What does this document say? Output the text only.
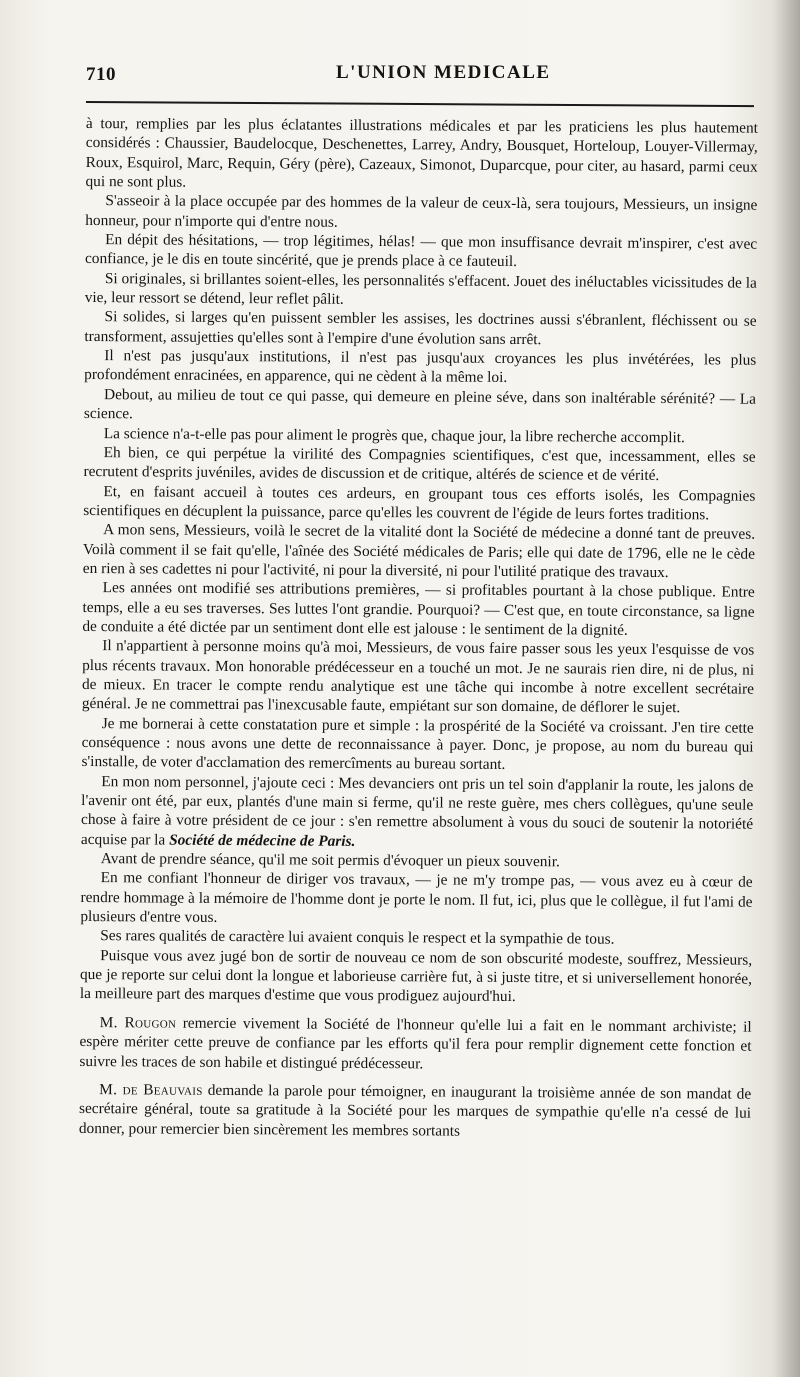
710	L'UNION MEDICALE

à tour, remplies par les plus éclatantes illustrations médicales et par les praticiens les plus hautement considérés : Chaussier, Baudelocque, Deschenettes, Larrey, Andry, Bousquet, Horteloup, Louyer-Villermay, Roux, Esquirol, Marc, Requin, Géry (père), Cazeaux, Simonot, Duparcque, pour citer, au hasard, parmi ceux qui ne sont plus.

S'asseoir à la place occupée par des hommes de la valeur de ceux-là, sera toujours, Messieurs, un insigne honneur, pour n'importe qui d'entre nous.

En dépit des hésitations, — trop légitimes, hélas! — que mon insuffisance devrait m'inspirer, c'est avec confiance, je le dis en toute sincérité, que je prends place à ce fauteuil.

Si originales, si brillantes soient-elles, les personnalités s'effacent. Jouet des inéluctables vicissitudes de la vie, leur ressort se détend, leur reflet pâlit.

Si solides, si larges qu'en puissent sembler les assises, les doctrines aussi s'ébranlent, fléchissent ou se transforment, assujetties qu'elles sont à l'empire d'une évolution sans arrêt.

Il n'est pas jusqu'aux institutions, il n'est pas jusqu'aux croyances les plus invétérées, les plus profondément enracinées, en apparence, qui ne cèdent à la même loi.

Debout, au milieu de tout ce qui passe, qui demeure en pleine séve, dans son inaltérable sérénité? — La science.

La science n'a-t-elle pas pour aliment le progrès que, chaque jour, la libre recherche accomplit.

Eh bien, ce qui perpétue la virilité des Compagnies scientifiques, c'est que, incessamment, elles se recrutent d'esprits juvéniles, avides de discussion et de critique, altérés de science et de vérité.

Et, en faisant accueil à toutes ces ardeurs, en groupant tous ces efforts isolés, les Compagnies scientifiques en décuplent la puissance, parce qu'elles les couvrent de l'égide de leurs fortes traditions.

A mon sens, Messieurs, voilà le secret de la vitalité dont la Société de médecine a donné tant de preuves. Voilà comment il se fait qu'elle, l'aînée des Société médicales de Paris; elle qui date de 1796, elle ne le cède en rien à ses cadettes ni pour l'activité, ni pour la diversité, ni pour l'utilité pratique des travaux.

Les années ont modifié ses attributions premières, — si profitables pourtant à la chose publique. Entre temps, elle a eu ses traverses. Ses luttes l'ont grandie. Pourquoi? — C'est que, en toute circonstance, sa ligne de conduite a été dictée par un sentiment dont elle est jalouse : le sentiment de la dignité.

Il n'appartient à personne moins qu'à moi, Messieurs, de vous faire passer sous les yeux l'esquisse de vos plus récents travaux. Mon honorable prédécesseur en a touché un mot. Je ne saurais rien dire, ni de plus, ni de mieux. En tracer le compte rendu analytique est une tâche qui incombe à notre excellent secrétaire général. Je ne commettrai pas l'inexcusable faute, empiétant sur son domaine, de déflorer le sujet.

Je me bornerai à cette constatation pure et simple : la prospérité de la Société va croissant. J'en tire cette conséquence : nous avons une dette de reconnaissance à payer. Donc, je propose, au nom du bureau qui s'installe, de voter d'acclamation des remercîments au bureau sortant.

En mon nom personnel, j'ajoute ceci : Mes devanciers ont pris un tel soin d'applanir la route, les jalons de l'avenir ont été, par eux, plantés d'une main si ferme, qu'il ne reste guère, mes chers collègues, qu'une seule chose à faire à votre président de ce jour : s'en remettre absolument à vous du souci de soutenir la notoriété acquise par la Société de médecine de Paris.

Avant de prendre séance, qu'il me soit permis d'évoquer un pieux souvenir.

En me confiant l'honneur de diriger vos travaux, — je ne m'y trompe pas, — vous avez eu à cœur de rendre hommage à la mémoire de l'homme dont je porte le nom. Il fut, ici, plus que le collègue, il fut l'ami de plusieurs d'entre vous.

Ses rares qualités de caractère lui avaient conquis le respect et la sympathie de tous.

Puisque vous avez jugé bon de sortir de nouveau ce nom de son obscurité modeste, souffrez, Messieurs, que je reporte sur celui dont la longue et laborieuse carrière fut, à si juste titre, et si universellement honorée, la meilleure part des marques d'estime que vous prodiguez aujourd'hui.

M. Rougon remercie vivement la Société de l'honneur qu'elle lui a fait en le nommant archiviste; il espère mériter cette preuve de confiance par les efforts qu'il fera pour remplir dignement cette fonction et suivre les traces de son habile et distingué prédécesseur.

M. de Beauvais demande la parole pour témoigner, en inaugurant la troisième année de son mandat de secrétaire général, toute sa gratitude à la Société pour les marques de sympathie qu'elle n'a cessé de lui donner, pour remercier bien sincèrement les membres sortants
